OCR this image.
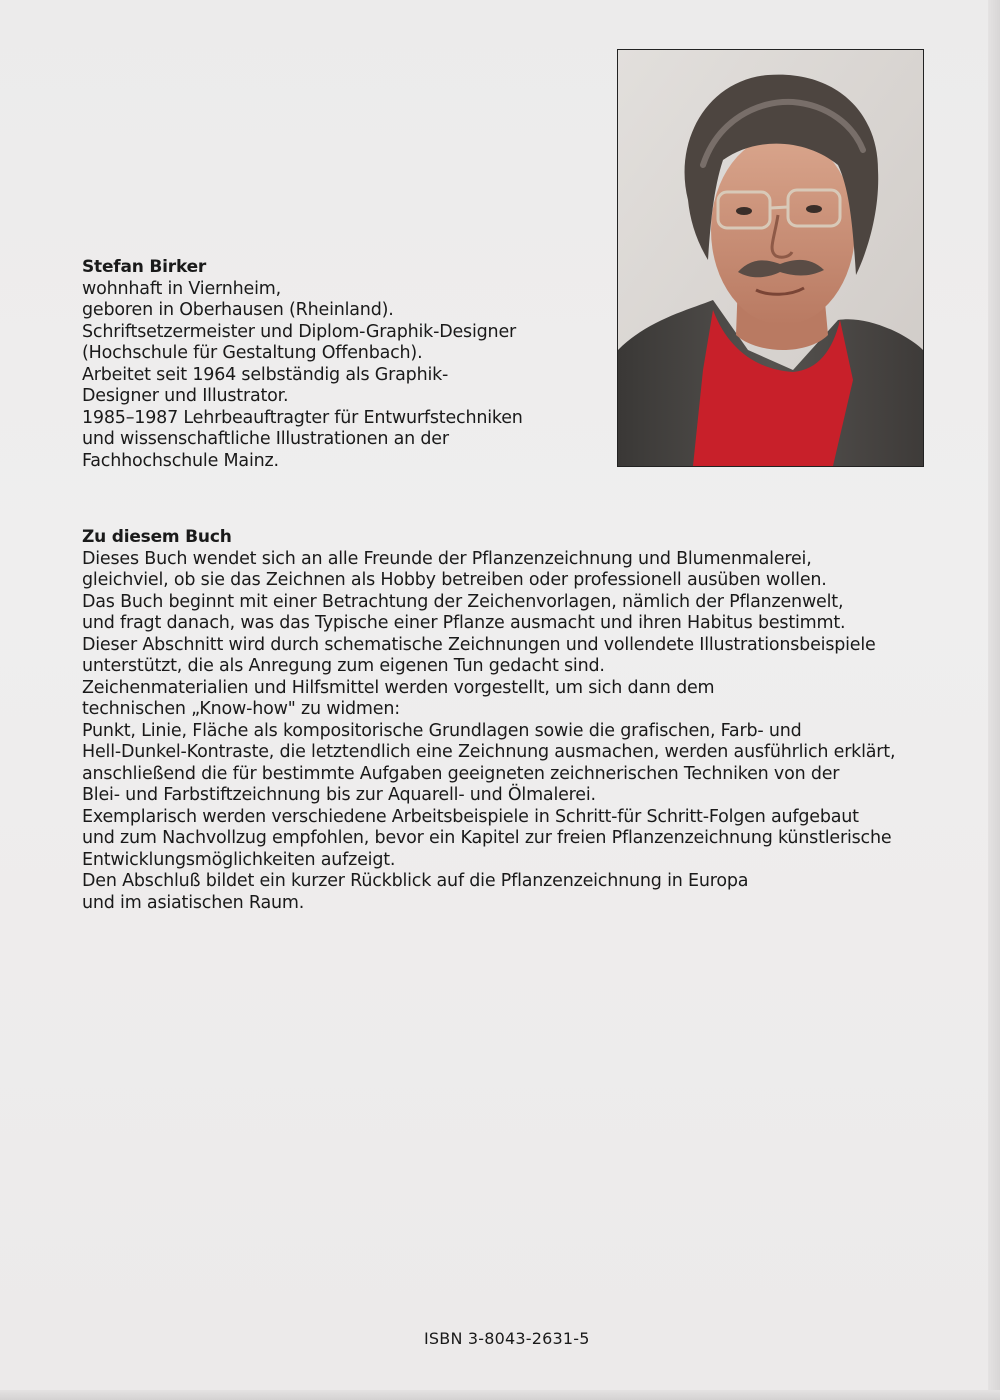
Stefan Birker

wohnhaft in Viernheim,
geboren in Oberhausen (Rheinland).
Schriftsetzermeister und Diplom-Graphik-Designer
(Hochschule für Gestaltung Offenbach).
Arbeitet seit 1964 selbständig als Graphik-
Designer und Illustrator.
1985–1987 Lehrbeauftragter für Entwurfstechniken
und wissenschaftliche Illustrationen an der
Fachhochschule Mainz.

Zu diesem Buch

Dieses Buch wendet sich an alle Freunde der Pflanzenzeichnung und Blumenmalerei,
gleichviel, ob sie das Zeichnen als Hobby betreiben oder professionell ausüben wollen.
Das Buch beginnt mit einer Betrachtung der Zeichenvorlagen, nämlich der Pflanzenwelt,
und fragt danach, was das Typische einer Pflanze ausmacht und ihren Habitus bestimmt.
Dieser Abschnitt wird durch schematische Zeichnungen und vollendete Illustrationsbeispiele
unterstützt, die als Anregung zum eigenen Tun gedacht sind.
Zeichenmaterialien und Hilfsmittel werden vorgestellt, um sich dann dem
technischen „Know-how" zu widmen:
Punkt, Linie, Fläche als kompositorische Grundlagen sowie die grafischen, Farb- und
Hell-Dunkel-Kontraste, die letztendlich eine Zeichnung ausmachen, werden ausführlich erklärt,
anschließend die für bestimmte Aufgaben geeigneten zeichnerischen Techniken von der
Blei- und Farbstiftzeichnung bis zur Aquarell- und Ölmalerei.
Exemplarisch werden verschiedene Arbeitsbeispiele in Schritt-für Schritt-Folgen aufgebaut
und zum Nachvollzug empfohlen, bevor ein Kapitel zur freien Pflanzenzeichnung künstlerische
Entwicklungsmöglichkeiten aufzeigt.
Den Abschluß bildet ein kurzer Rückblick auf die Pflanzenzeichnung in Europa
und im asiatischen Raum.

ISBN 3-8043-2631-5
